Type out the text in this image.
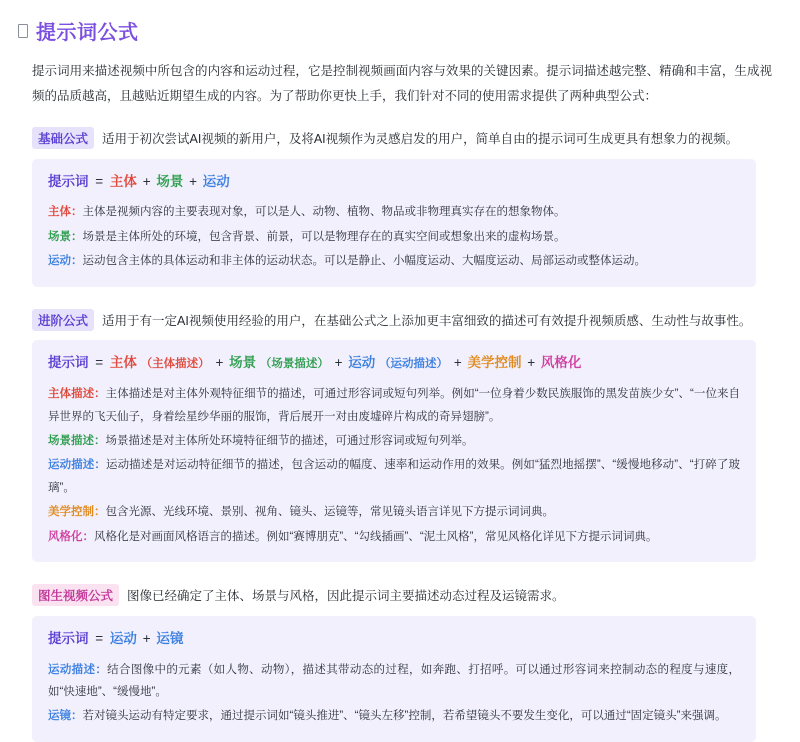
提示词公式

提示词用来描述视频中所包含的内容和运动过程，它是控制视频画面内容与效果的关键因素。提示词描述越完整、精确和丰富，生成视频的品质越高，且越贴近期望生成的内容。为了帮助你更快上手，我们针对不同的使用需求提供了两种典型公式：

基础公式	适用于初次尝试AI视频的新用户，及将AI视频作为灵感启发的用户，简单自由的提示词可生成更具有想象力的视频。
提示词 = 主体 + 场景 + 运动
主体：主体是视频内容的主要表现对象，可以是人、动物、植物、物品或非物理真实存在的想象物体。
场景：场景是主体所处的环境，包含背景、前景，可以是物理存在的真实空间或想象出来的虚构场景。
运动：运动包含主体的具体运动和非主体的运动状态。可以是静止、小幅度运动、大幅度运动、局部运动或整体运动。
进阶公式	适用于有一定AI视频使用经验的用户，在基础公式之上添加更丰富细致的描述可有效提升视频质感、生动性与故事性。
提示词 = 主体 （主体描述） + 场景 （场景描述） + 运动 （运动描述） + 美学控制 + 风格化
主体描述：主体描述是对主体外观特征细节的描述，可通过形容词或短句列举。例如“一位身着少数民族服饰的黑发苗族少女”、“一位来自异世界的飞天仙子，身着绘星纱华丽的服饰，背后展开一对由废墟碎片构成的奇异翅膀”。
场景描述：场景描述是对主体所处环境特征细节的描述，可通过形容词或短句列举。
运动描述：运动描述是对运动特征细节的描述，包含运动的幅度、速率和运动作用的效果。例如“猛烈地摇摆”、“缓慢地移动”、“打碎了玻璃”。
美学控制：包含光源、光线环境、景别、视角、镜头、运镜等，常见镜头语言详见下方提示词词典。
风格化：风格化是对画面风格语言的描述。例如“赛博朋克”、“勾线插画”、“泥土风格”，常见风格化详见下方提示词词典。
图生视频公式	图像已经确定了主体、场景与风格，因此提示词主要描述动态过程及运镜需求。
提示词 = 运动 + 运镜
运动描述：结合图像中的元素（如人物、动物），描述其带动态的过程，如奔跑、打招呼。可以通过形容词来控制动态的程度与速度，如“快速地”、“缓慢地”。
运镜：若对镜头运动有特定要求，通过提示词如“镜头推进”、“镜头左移”控制，若希望镜头不要发生变化，可以通过“固定镜头”来强调。
